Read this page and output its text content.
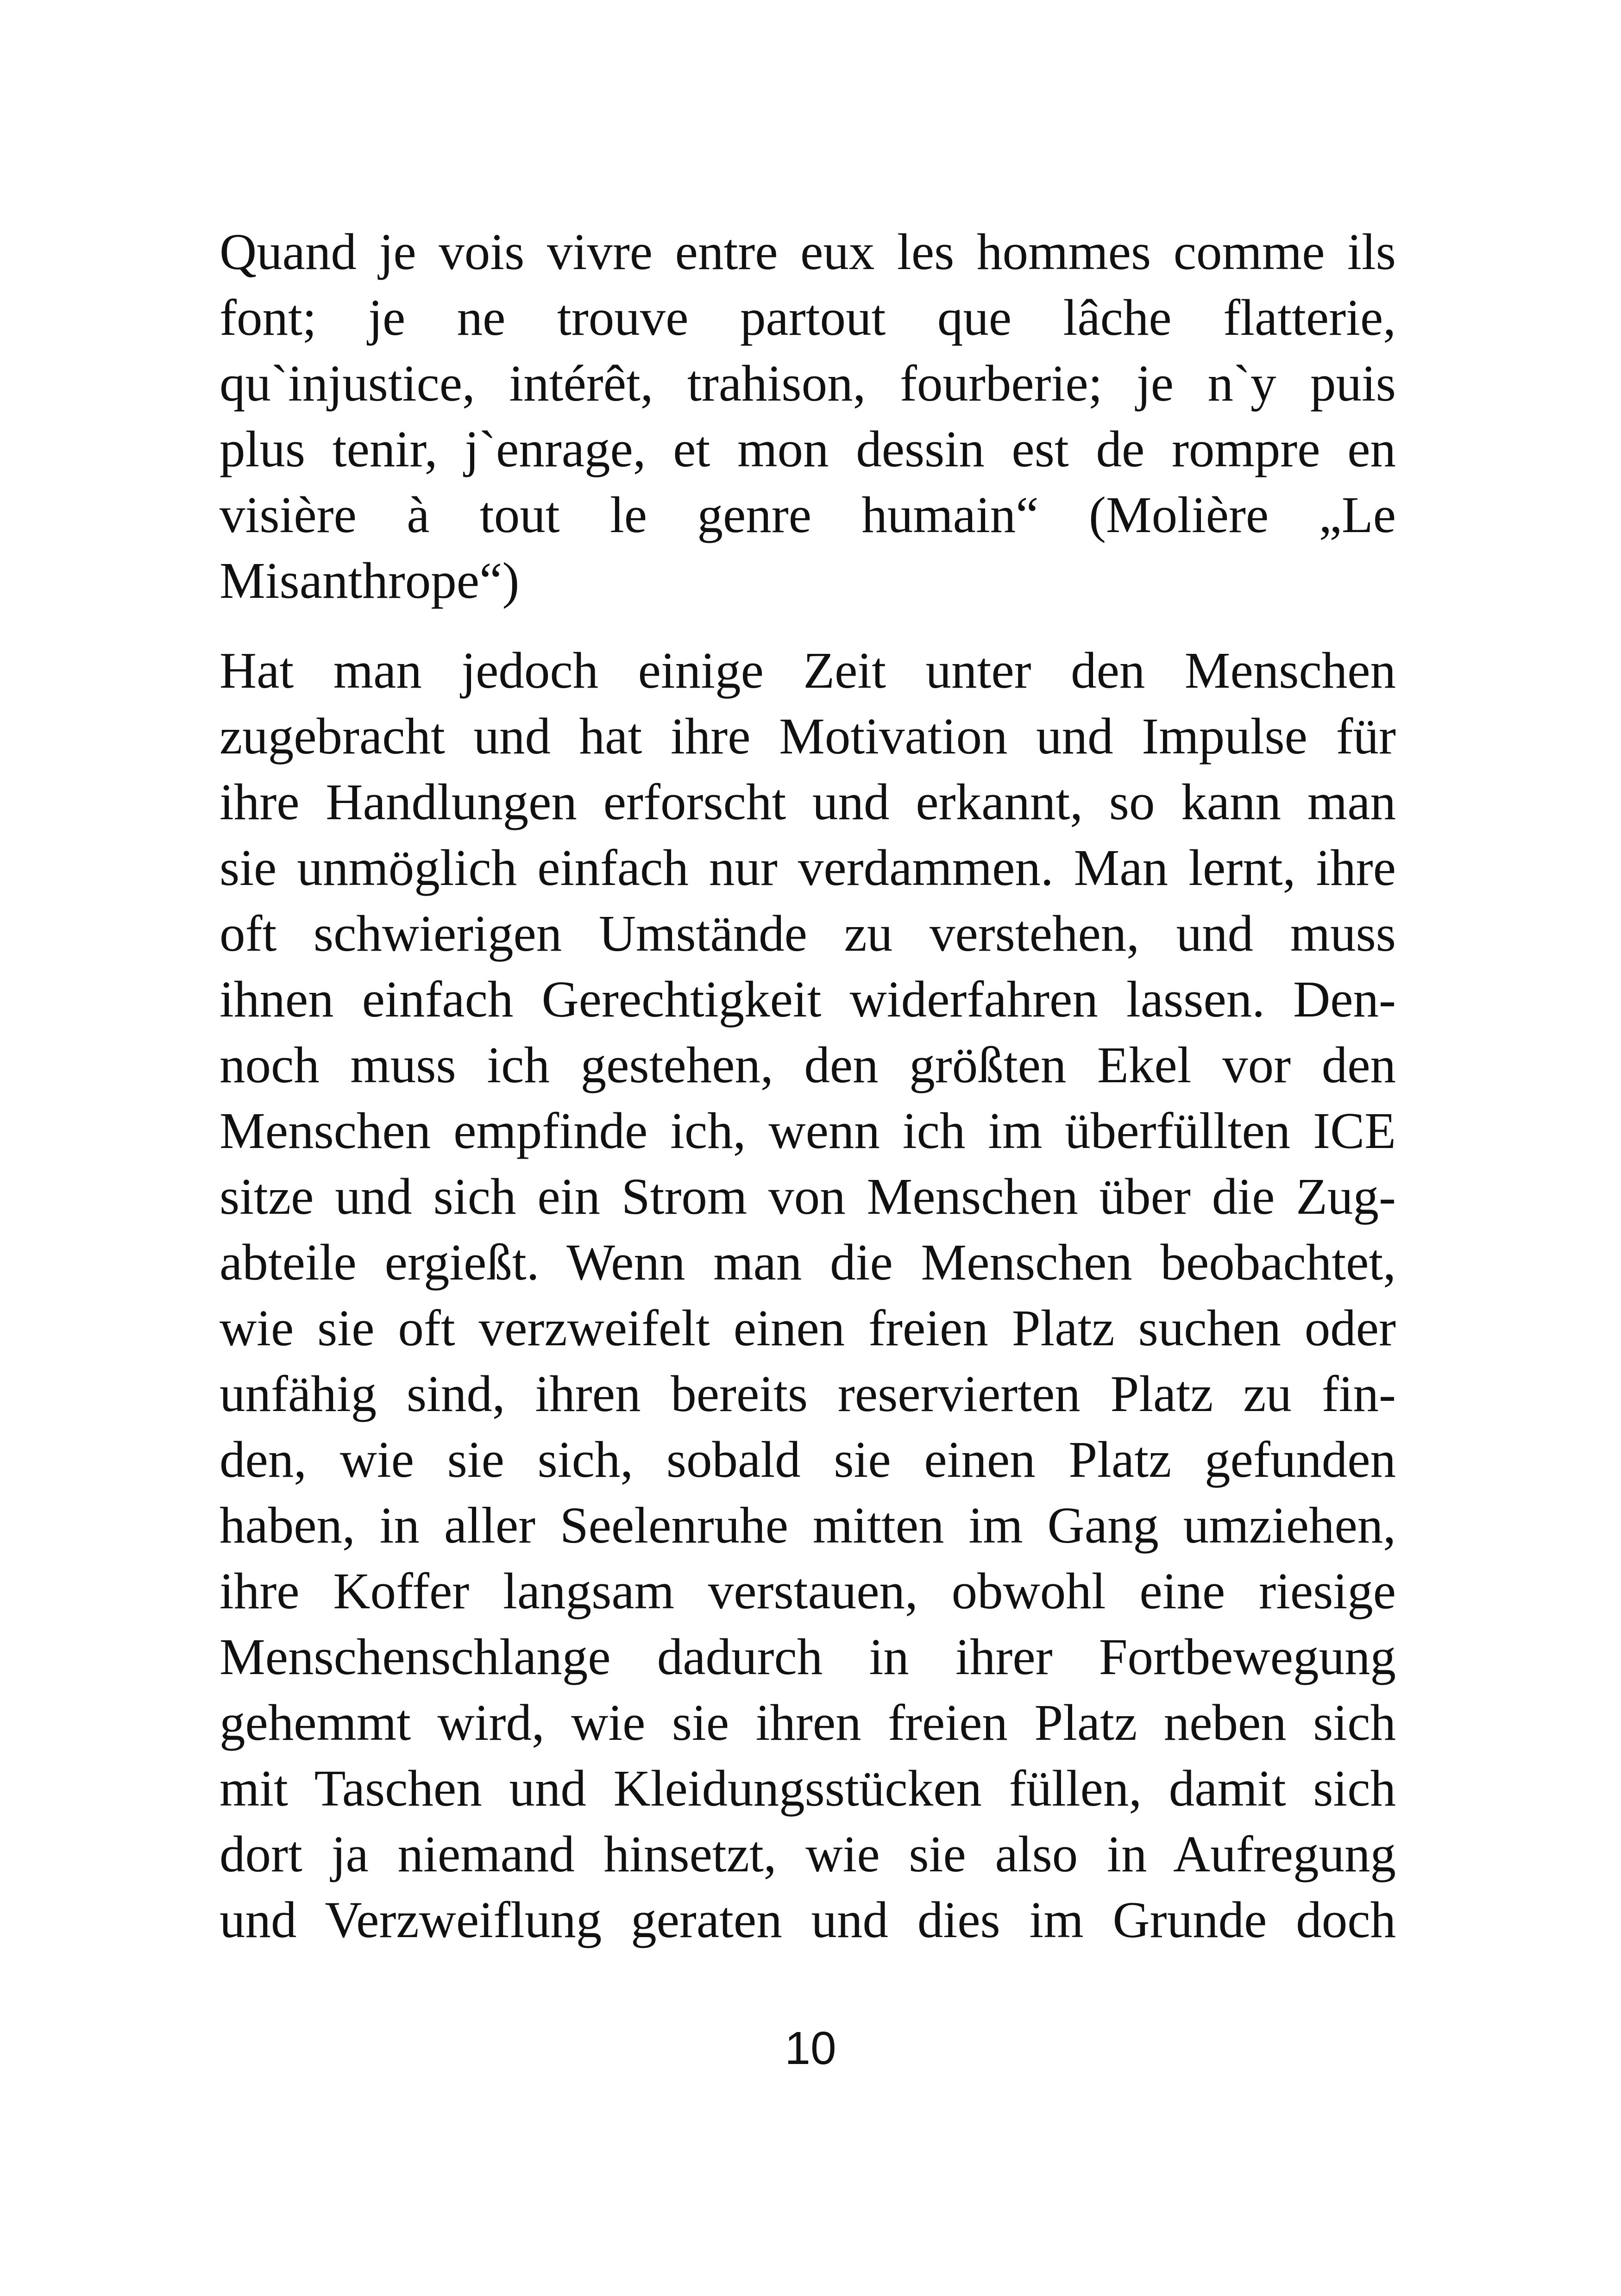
Quand je vois vivre entre eux les hommes comme ils
font; je ne trouve partout que lâche flatterie,
qu`injustice, intérêt, trahison, fourberie; je n`y puis
plus tenir, j`enrage, et mon dessin est de rompre en
visière à tout le genre humain“ (Molière „Le
Misanthrope“)
Hat man jedoch einige Zeit unter den Menschen
zugebracht und hat ihre Motivation und Impulse für
ihre Handlungen erforscht und erkannt, so kann man
sie unmöglich einfach nur verdammen. Man lernt, ihre
oft schwierigen Umstände zu verstehen, und muss
ihnen einfach Gerechtigkeit widerfahren lassen. Den-
noch muss ich gestehen, den größten Ekel vor den
Menschen empfinde ich, wenn ich im überfüllten ICE
sitze und sich ein Strom von Menschen über die Zug-
abteile ergießt. Wenn man die Menschen beobachtet,
wie sie oft verzweifelt einen freien Platz suchen oder
unfähig sind, ihren bereits reservierten Platz zu fin-
den, wie sie sich, sobald sie einen Platz gefunden
haben, in aller Seelenruhe mitten im Gang umziehen,
ihre Koffer langsam verstauen, obwohl eine riesige
Menschenschlange dadurch in ihrer Fortbewegung
gehemmt wird, wie sie ihren freien Platz neben sich
mit Taschen und Kleidungsstücken füllen, damit sich
dort ja niemand hinsetzt, wie sie also in Aufregung
und Verzweiflung geraten und dies im Grunde doch
10
